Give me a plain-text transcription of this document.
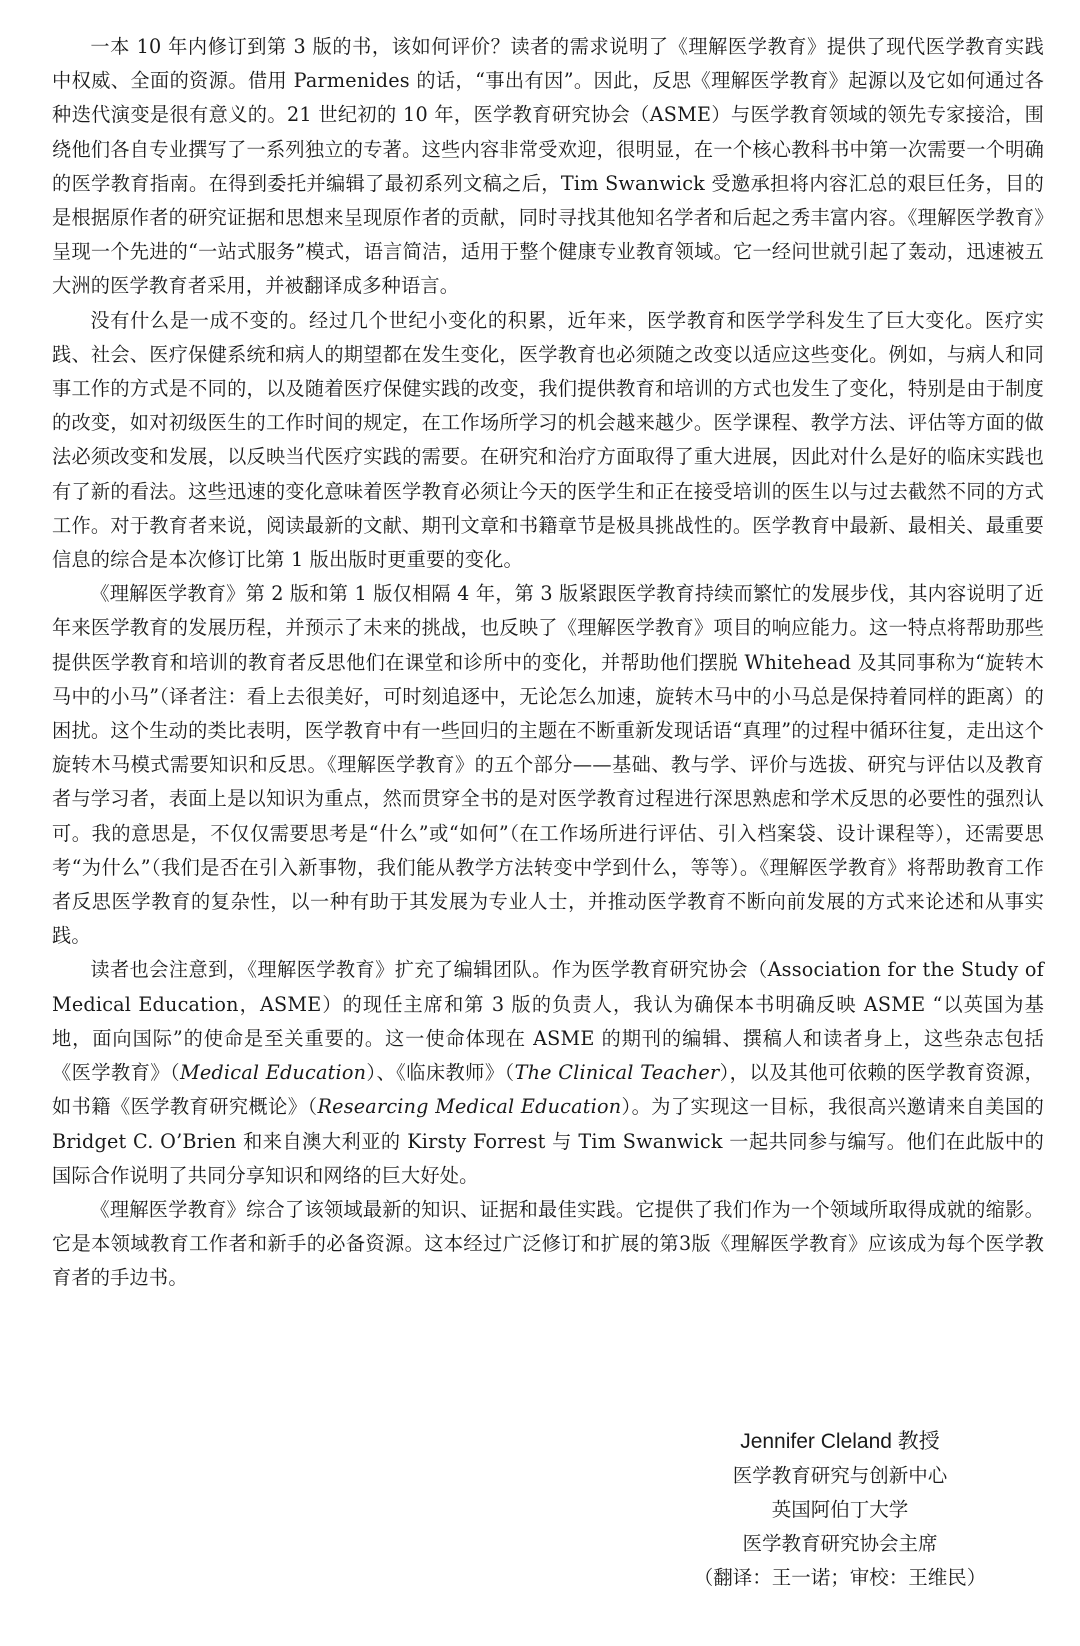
一本 10 年内修订到第 3 版的书，该如何评价？读者的需求说明了《理解医学教育》提供了现代医学教育实践中权威、全面的资源。借用 Parmenides 的话，“事出有因”。因此，反思《理解医学教育》起源以及它如何通过各种迭代演变是很有意义的。21 世纪初的 10 年，医学教育研究协会（ASME）与医学教育领域的领先专家接洽，围绕他们各自专业撰写了一系列独立的专著。这些内容非常受欢迎，很明显，在一个核心教科书中第一次需要一个明确的医学教育指南。在得到委托并编辑了最初系列文稿之后，Tim Swanwick 受邀承担将内容汇总的艰巨任务，目的是根据原作者的研究证据和思想来呈现原作者的贡献，同时寻找其他知名学者和后起之秀丰富内容。《理解医学教育》呈现一个先进的“一站式服务”模式，语言简洁，适用于整个健康专业教育领域。它一经问世就引起了轰动，迅速被五大洲的医学教育者采用，并被翻译成多种语言。

没有什么是一成不变的。经过几个世纪小变化的积累，近年来，医学教育和医学学科发生了巨大变化。医疗实践、社会、医疗保健系统和病人的期望都在发生变化，医学教育也必须随之改变以适应这些变化。例如，与病人和同事工作的方式是不同的，以及随着医疗保健实践的改变，我们提供教育和培训的方式也发生了变化，特别是由于制度的改变，如对初级医生的工作时间的规定，在工作场所学习的机会越来越少。医学课程、教学方法、评估等方面的做法必须改变和发展，以反映当代医疗实践的需要。在研究和治疗方面取得了重大进展，因此对什么是好的临床实践也有了新的看法。这些迅速的变化意味着医学教育必须让今天的医学生和正在接受培训的医生以与过去截然不同的方式工作。对于教育者来说，阅读最新的文献、期刊文章和书籍章节是极具挑战性的。医学教育中最新、最相关、最重要信息的综合是本次修订比第 1 版出版时更重要的变化。

《理解医学教育》第 2 版和第 1 版仅相隔 4 年，第 3 版紧跟医学教育持续而繁忙的发展步伐，其内容说明了近年来医学教育的发展历程，并预示了未来的挑战，也反映了《理解医学教育》项目的响应能力。这一特点将帮助那些提供医学教育和培训的教育者反思他们在课堂和诊所中的变化，并帮助他们摆脱 Whitehead 及其同事称为“旋转木马中的小马”（译者注：看上去很美好，可时刻追逐中，无论怎么加速，旋转木马中的小马总是保持着同样的距离）的困扰。这个生动的类比表明，医学教育中有一些回归的主题在不断重新发现话语“真理”的过程中循环往复，走出这个旋转木马模式需要知识和反思。《理解医学教育》的五个部分——基础、教与学、评价与选拔、研究与评估以及教育者与学习者，表面上是以知识为重点，然而贯穿全书的是对医学教育过程进行深思熟虑和学术反思的必要性的强烈认可。我的意思是，不仅仅需要思考是“什么”或“如何”（在工作场所进行评估、引入档案袋、设计课程等），还需要思考“为什么”（我们是否在引入新事物，我们能从教学方法转变中学到什么，等等）。《理解医学教育》将帮助教育工作者反思医学教育的复杂性，以一种有助于其发展为专业人士，并推动医学教育不断向前发展的方式来论述和从事实践。

读者也会注意到，《理解医学教育》扩充了编辑团队。作为医学教育研究协会（Association for the Study of Medical Education，ASME）的现任主席和第 3 版的负责人，我认为确保本书明确反映 ASME “以英国为基地，面向国际”的使命是至关重要的。这一使命体现在 ASME 的期刊的编辑、撰稿人和读者身上，这些杂志包括《医学教育》（Medical Education）、《临床教师》（The Clinical Teacher），以及其他可依赖的医学教育资源，如书籍《医学教育研究概论》（Researcing Medical Education）。为了实现这一目标，我很高兴邀请来自美国的 Bridget C. O’Brien 和来自澳大利亚的 Kirsty Forrest 与 Tim Swanwick 一起共同参与编写。他们在此版中的国际合作说明了共同分享知识和网络的巨大好处。

《理解医学教育》综合了该领域最新的知识、证据和最佳实践。它提供了我们作为一个领域所取得成就的缩影。它是本领域教育工作者和新手的必备资源。这本经过广泛修订和扩展的第3版《理解医学教育》应该成为每个医学教育者的手边书。

Jennifer Cleland 教授
医学教育研究与创新中心
英国阿伯丁大学
医学教育研究协会主席
（翻译：王一诺；审校：王维民）
